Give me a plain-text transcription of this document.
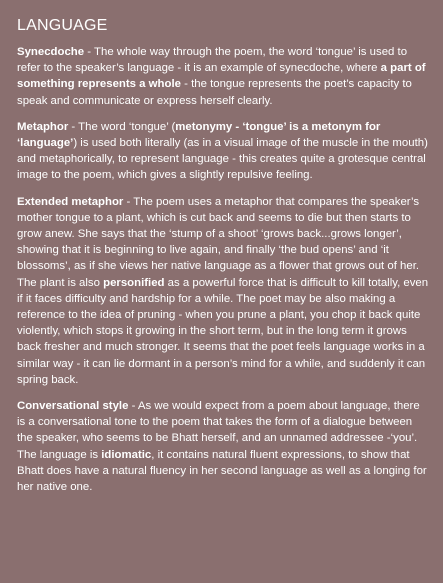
LANGUAGE

Synecdoche - The whole way through the poem, the word ‘tongue’ is used to refer to the speaker’s language - it is an example of synecdoche, where a part of something represents a whole - the tongue represents the poet’s capacity to speak and communicate or express herself clearly.

Metaphor - The word ‘tongue’ (metonymy - ‘tongue’ is a metonym for ‘language’) is used both literally (as in a visual image of the muscle in the mouth) and metaphorically, to represent language - this creates quite a grotesque central image to the poem, which gives a slightly repulsive feeling.

Extended metaphor - The poem uses a metaphor that compares the speaker’s mother tongue to a plant, which is cut back and seems to die but then starts to grow anew. She says that the ‘stump of a shoot’ ‘grows back...grows longer’, showing that it is beginning to live again, and finally ‘the bud opens’ and ‘it blossoms’, as if she views her native language as a flower that grows out of her. The plant is also personified as a powerful force that is difficult to kill totally, even if it faces difficulty and hardship for a while. The poet may be also making a reference to the idea of pruning - when you prune a plant, you chop it back quite violently, which stops it growing in the short term, but in the long term it grows back fresher and much stronger. It seems that the poet feels language works in a similar way - it can lie dormant in a person’s mind for a while, and suddenly it can spring back.

Conversational style - As we would expect from a poem about language, there is a conversational tone to the poem that takes the form of a dialogue between the speaker, who seems to be Bhatt herself, and an unnamed addressee -‘you’. The language is idiomatic, it contains natural fluent expressions, to show that Bhatt does have a natural fluency in her second language as well as a longing for her native one.
